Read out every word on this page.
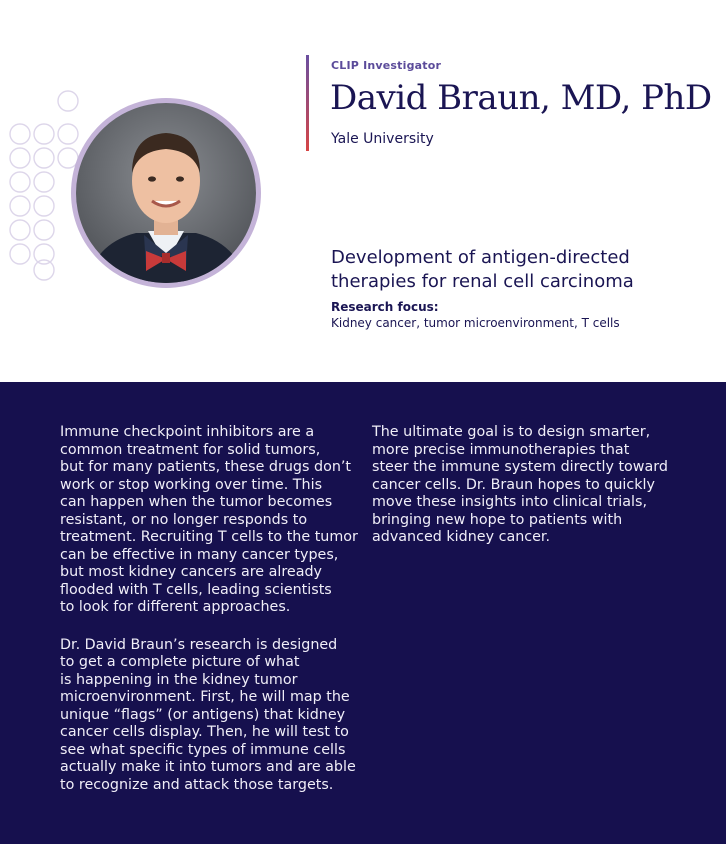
CLIP Investigator
David Braun, MD, PhD
Yale University
Development of antigen-directed
therapies for renal cell carcinoma
Research focus:
Kidney cancer, tumor microenvironment, T cells

Immune checkpoint inhibitors are a
common treatment for solid tumors,
but for many patients, these drugs don’t
work or stop working over time. This
can happen when the tumor becomes
resistant, or no longer responds to
treatment. Recruiting T cells to the tumor
can be effective in many cancer types,
but most kidney cancers are already
flooded with T cells, leading scientists
to look for different approaches.

Dr. David Braun’s research is designed
to get a complete picture of what
is happening in the kidney tumor
microenvironment. First, he will map the
unique “flags” (or antigens) that kidney
cancer cells display. Then, he will test to
see what specific types of immune cells
actually make it into tumors and are able
to recognize and attack those targets.

The ultimate goal is to design smarter,
more precise immunotherapies that
steer the immune system directly toward
cancer cells. Dr. Braun hopes to quickly
move these insights into clinical trials,
bringing new hope to patients with
advanced kidney cancer.
